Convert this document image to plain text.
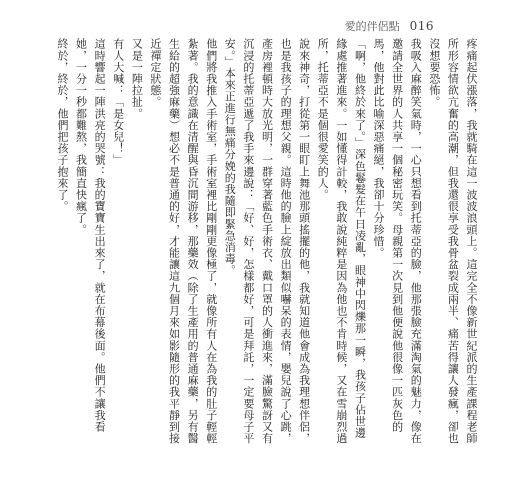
愛的伴侶點 016

疼痛起伏漲落，我就騎在這一波波浪頭上。這完全不像新世紀派的生產課程老師所形容情欲亢奮的高潮，但我還很享受我骨盆裂成兩半、痛苦得讓人發瘋，卻也沒想要恐怖。

我吸入麻醉笑氣時，一心只想看到托蒂亞的臉，他那張臉充滿淘氣的魅力，像在邀請全世界的人共享一個秘密玩笑。母親第一次見到他便說他很像一匹灰色的馬，他對此比喻深惡痛絕，我卻十分珍惜。

「啊，他終於來了。」深色鬈髮在午日凌亂，眼神中閃爍那一瞬，我孩子佔世邊緣處推著進來。一如懂得計較，我敢說純粹是因為他也不肯時候，又在雪崩烈過所，托蒂亞不是個很愛笑的人。

說來神奇，打從第一眼盯上舞池那頭搖擺的他，我就知道他會成為我理想伴侶，也是我孩子的理想父親。這時他的臉上綻放出類似嚇呆的表情，嬰兒說了心跳，產房裡頓時大放光明，一群穿著藍色手術衣、戴口罩的人衝進來，滿臉驚訝又有沉浸的托蒂亞遞了我手來邊說：「好、好，怎樣都好，可是拜託，一定要母子平安。」本來正進行無痛分娩的我隨即緊急消毒。

他們將我推入手術室，手術室裡比剛剛更像極了，就像所有人在為我的肚子輕輕紮著。我的意識在清醒與昏沉間游移，那藥效（除了生產用的普通麻藥，另有醫生給的超強麻藥）想必不是普通的好，才能讓這九個月來如影隨形的我平靜到接近禪定狀態。

又是一陣拉扯。

有人大喊：「是女兒！」

這時響起一陣洪亮的哭號：我的寶寶生出來了，就在布幕後面。他們不讓我看她，一分一秒都難熬，我簡直快瘋了。

終於，終於，他們把孩子抱來了。
